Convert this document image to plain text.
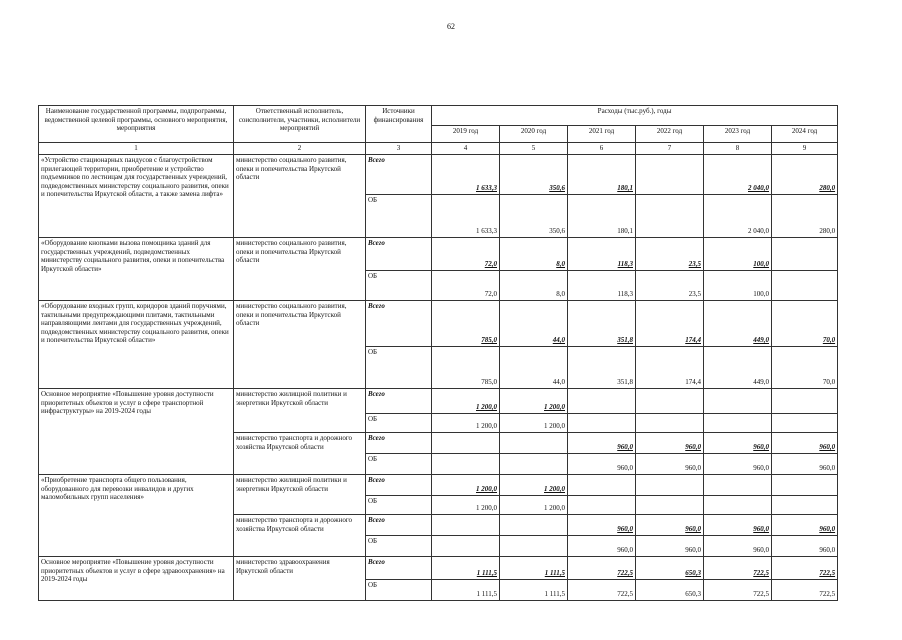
62
Наименование государственной программы, подпрограммы, ведомственной целевой программы, основного мероприятия, мероприятия	Ответственный исполнитель, соисполнители, участники, исполнители мероприятий	Источники финансирования	Расходы (тыс.руб.), годы					
			2019 год	2020 год	2021 год	2022 год	2023 год	2024 год
1	2	3	4	5	6	7	8	9
«Устройство стационарных пандусов с благоустройством прилегающей территории, приобретение и устройство подъемников по лестницам для государственных учреждений, подведомственных министерству социального развития, опеки и попечительства Иркутской области, а также замена лифта»	министерство социального развития, опеки и попечительства Иркутской области	Всего	1 633,3	350,6	180,1		2 040,0	280,0
		ОБ	1 633,3	350,6	180,1		2 040,0	280,0
«Оборудование кнопками вызова помощника зданий для государственных учреждений, подведомственных министерству социального развития, опеки и попечительства Иркутской области»	министерство социального развития, опеки и попечительства Иркутской области	Всего	72,0	8,0	118,3	23,5	100,0	
		ОБ	72,0	8,0	118,3	23,5	100,0	
«Оборудование входных групп, коридоров зданий поручнями, тактильными предупреждающими плитами, тактильными направляющими лентами для государственных учреждений, подведомственных министерству социального развития, опеки и попечительства Иркутской области»	министерство социального развития, опеки и попечительства Иркутской области	Всего	785,0	44,0	351,8	174,4	449,0	70,0
		ОБ	785,0	44,0	351,8	174,4	449,0	70,0
Основное мероприятие «Повышение уровня доступности приоритетных объектов и услуг в сфере транспортной инфраструктуры» на 2019-2024 годы	министерство жилищной политики и энергетики Иркутской области	Всего	1 200,0	1 200,0				
		ОБ	1 200,0	1 200,0				
	министерство транспорта и дорожного хозяйства Иркутской области	Всего			960,0	960,0	960,0	960,0
		ОБ			960,0	960,0	960,0	960,0
«Приобретение транспорта общего пользования, оборудованного для перевозки инвалидов и других маломобильных групп населения»	министерство жилищной политики и энергетики Иркутской области	Всего	1 200,0	1 200,0				
		ОБ	1 200,0	1 200,0				
	министерство транспорта и дорожного хозяйства Иркутской области	Всего			960,0	960,0	960,0	960,0
		ОБ			960,0	960,0	960,0	960,0
Основное мероприятие «Повышение уровня доступности приоритетных объектов и услуг в сфере здравоохранения» на 2019-2024 годы	министерство здравоохранения Иркутской области	Всего	1 111,5	1 111,5	722,5	650,3	722,5	722,5
		ОБ	1 111,5	1 111,5	722,5	650,3	722,5	722,5
